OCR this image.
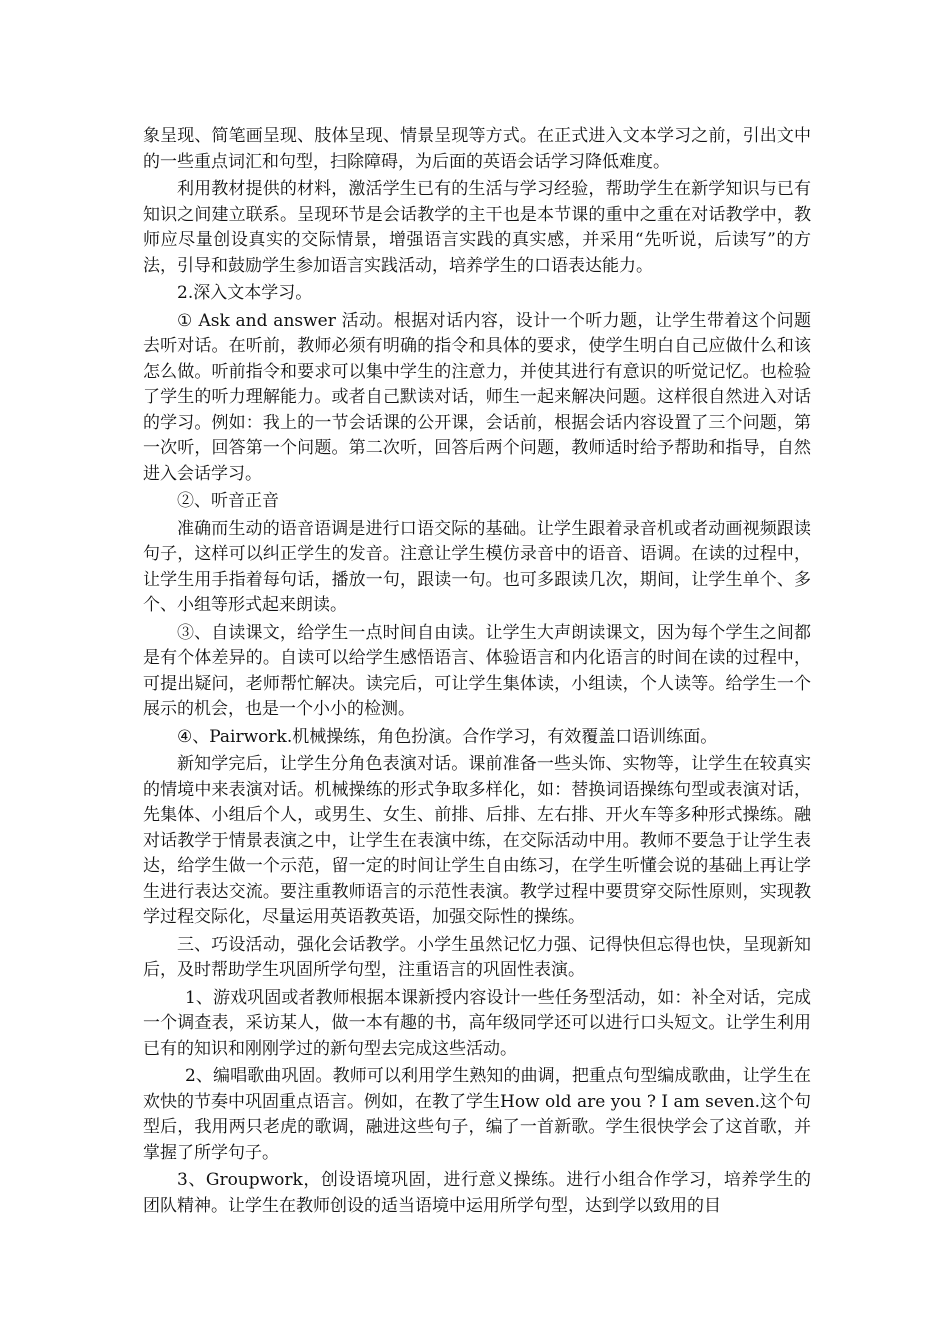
象呈现、简笔画呈现、肢体呈现、情景呈现等方式。在正式进入文本学习之前，引出文中的一些重点词汇和句型，扫除障碍，为后面的英语会话学习降低难度。

利用教材提供的材料，激活学生已有的生活与学习经验，帮助学生在新学知识与已有知识之间建立联系。呈现环节是会话教学的主干也是本节课的重中之重在对话教学中，教师应尽量创设真实的交际情景，增强语言实践的真实感，并采用“先听说，后读写”的方法，引导和鼓励学生参加语言实践活动，培养学生的口语表达能力。

2.深入文本学习。

① Ask and answer 活动。根据对话内容，设计一个听力题，让学生带着这个问题去听对话。在听前，教师必须有明确的指令和具体的要求，使学生明白自己应做什么和该怎么做。听前指令和要求可以集中学生的注意力，并使其进行有意识的听觉记忆。也检验了学生的听力理解能力。或者自己默读对话，师生一起来解决问题。这样很自然进入对话的学习。例如：我上的一节会话课的公开课，会话前，根据会话内容设置了三个问题，第一次听，回答第一个问题。第二次听，回答后两个问题，教师适时给予帮助和指导，自然进入会话学习。

②、听音正音

准确而生动的语音语调是进行口语交际的基础。让学生跟着录音机或者动画视频跟读句子，这样可以纠正学生的发音。注意让学生模仿录音中的语音、语调。在读的过程中，让学生用手指着每句话，播放一句，跟读一句。也可多跟读几次，期间，让学生单个、多个、小组等形式起来朗读。

③、自读课文，给学生一点时间自由读。让学生大声朗读课文，因为每个学生之间都是有个体差异的。自读可以给学生感悟语言、体验语言和内化语言的时间在读的过程中，可提出疑问，老师帮忙解决。读完后，可让学生集体读，小组读，个人读等。给学生一个展示的机会，也是一个小小的检测。

④、Pairwork.机械操练，角色扮演。合作学习，有效覆盖口语训练面。

新知学完后，让学生分角色表演对话。课前准备一些头饰、实物等，让学生在较真实的情境中来表演对话。机械操练的形式争取多样化，如：替换词语操练句型或表演对话，先集体、小组后个人，或男生、女生、前排、后排、左右排、开火车等多种形式操练。融对话教学于情景表演之中，让学生在表演中练，在交际活动中用。教师不要急于让学生表达，给学生做一个示范，留一定的时间让学生自由练习，在学生听懂会说的基础上再让学生进行表达交流。要注重教师语言的示范性表演。教学过程中要贯穿交际性原则，实现教学过程交际化，尽量运用英语教英语，加强交际性的操练。

三、巧设活动，强化会话教学。小学生虽然记忆力强、记得快但忘得也快，呈现新知后，及时帮助学生巩固所学句型，注重语言的巩固性表演。

1、游戏巩固或者教师根据本课新授内容设计一些任务型活动，如：补全对话，完成一个调查表，采访某人，做一本有趣的书，高年级同学还可以进行口头短文。让学生利用已有的知识和刚刚学过的新句型去完成这些活动。

2、编唱歌曲巩固。教师可以利用学生熟知的曲调，把重点句型编成歌曲，让学生在欢快的节奏中巩固重点语言。例如，在教了学生How old are you ? I am seven.这个句型后，我用两只老虎的歌调，融进这些句子，编了一首新歌。学生很快学会了这首歌，并掌握了所学句子。

3、Groupwork，创设语境巩固，进行意义操练。进行小组合作学习，培养学生的团队精神。让学生在教师创设的适当语境中运用所学句型，达到学以致用的目
